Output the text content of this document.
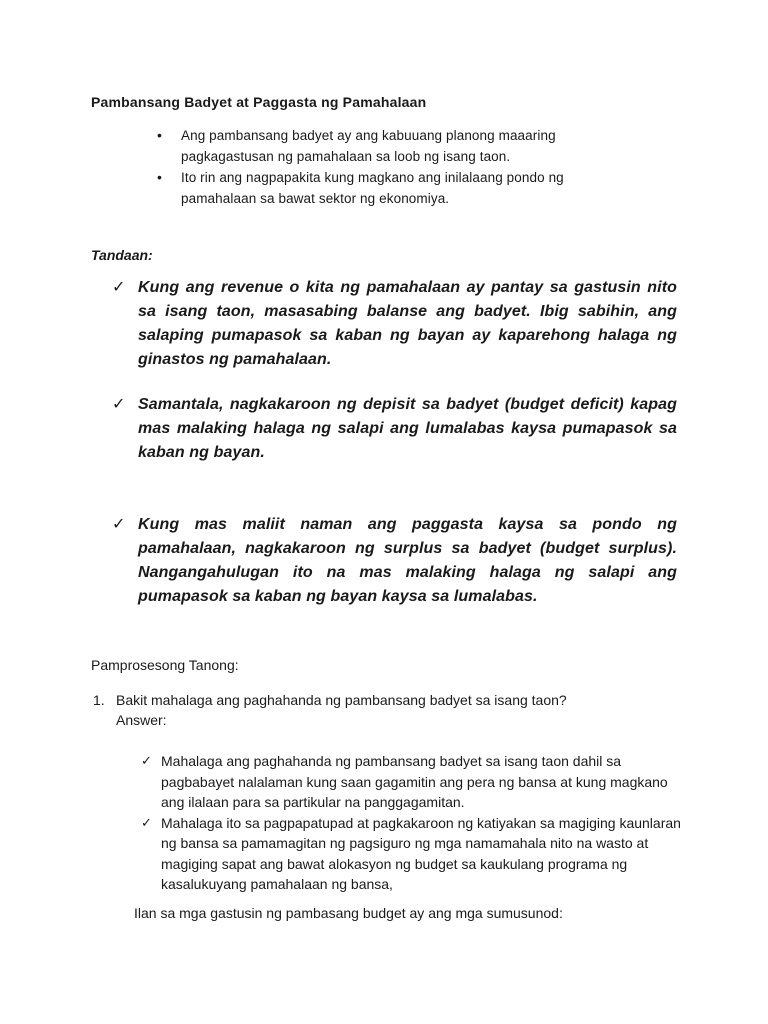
Pambansang Badyet at Paggasta ng Pamahalaan
• Ang pambansang badyet ay ang kabuuang planong maaaring pagkagastusan ng pamahalaan sa loob ng isang taon.
• Ito rin ang nagpapakita kung magkano ang inilalaang pondo ng pamahalaan sa bawat sektor ng ekonomiya.
Tandaan:
✓ Kung ang revenue o kita ng pamahalaan ay pantay sa gastusin nito sa isang taon, masasabing balanse ang badyet. Ibig sabihin, ang salaping pumapasok sa kaban ng bayan ay kaparehong halaga ng ginastos ng pamahalaan.
✓ Samantala, nagkakaroon ng depisit sa badyet (budget deficit) kapag mas malaking halaga ng salapi ang lumalabas kaysa pumapasok sa kaban ng bayan.
✓ Kung mas maliit naman ang paggasta kaysa sa pondo ng pamahalaan, nagkakaroon ng surplus sa badyet (budget surplus). Nangangahulugan ito na mas malaking halaga ng salapi ang pumapasok sa kaban ng bayan kaysa sa lumalabas.
Pamprosesong Tanong:
1. Bakit mahalaga ang paghahanda ng pambansang badyet sa isang taon?
Answer:
✓ Mahalaga ang paghahanda ng pambansang badyet sa isang taon dahil sa pagbabayet nalalaman kung saan gagamitin ang pera ng bansa at kung magkano ang ilalaan para sa partikular na panggagamitan.
✓ Mahalaga ito sa pagpapatupad at pagkakaroon ng katiyakan sa magiging kaunlaran ng bansa sa pamamagitan ng pagsiguro ng mga namamahala nito na wasto at magiging sapat ang bawat alokasyon ng budget sa kaukulang programa ng kasalukuyang pamahalaan ng bansa,
Ilan sa mga gastusin ng pambasang budget ay ang mga sumusunod:
